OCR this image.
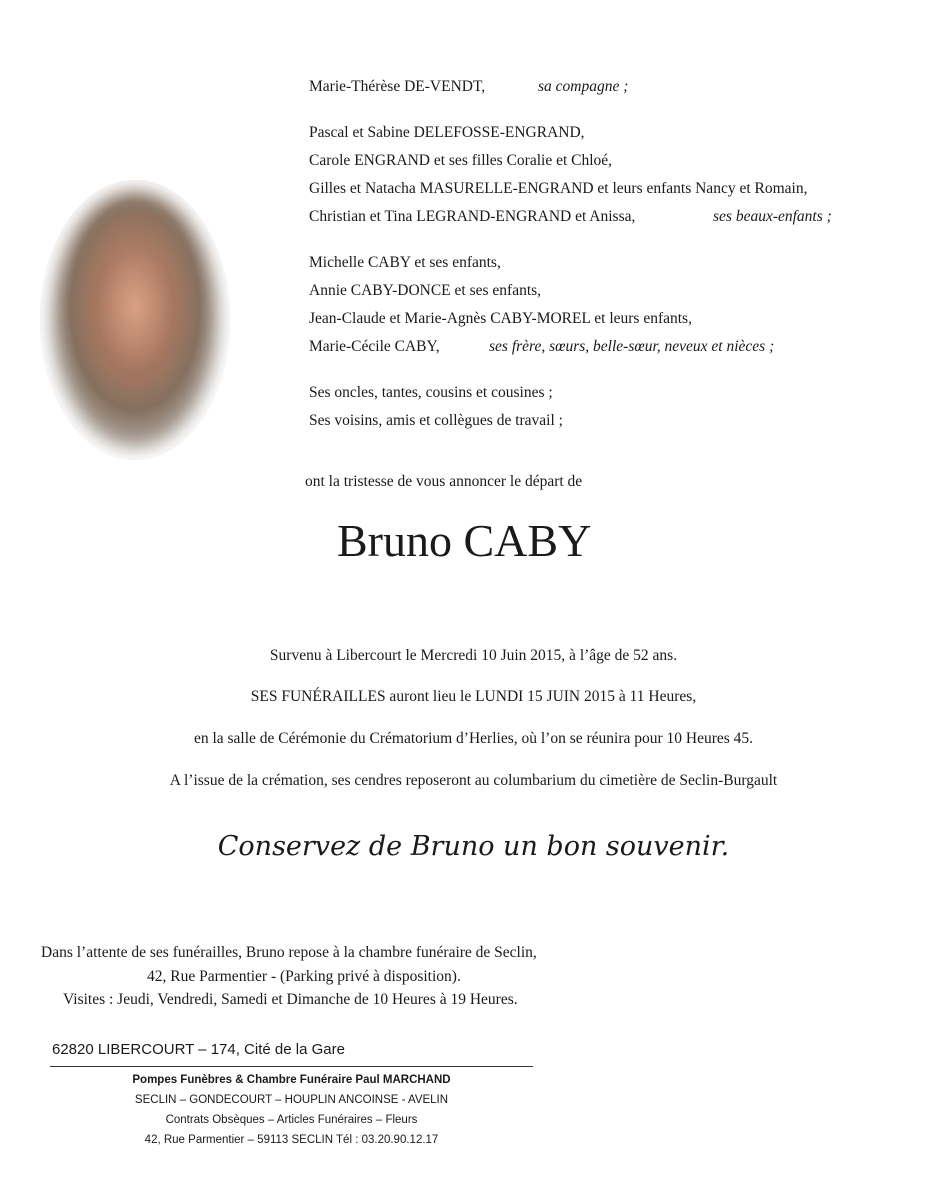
Marie-Thérèse DE-VENDT,	sa compagne ;
Pascal et Sabine DELEFOSSE-ENGRAND,
Carole ENGRAND et ses filles Coralie et Chloé,
Gilles et Natacha MASURELLE-ENGRAND et leurs enfants Nancy et Romain,
Christian et Tina LEGRAND-ENGRAND et Anissa,	ses beaux-enfants ;
Michelle CABY et ses enfants,
Annie CABY-DONCE et ses enfants,
Jean-Claude et Marie-Agnès CABY-MOREL et leurs enfants,
Marie-Cécile CABY,	ses frère, sœurs, belle-sœur, neveux et nièces ;
Ses oncles, tantes, cousins et cousines ;
Ses voisins, amis et collègues de travail ;
ont la tristesse de vous annoncer le départ de
Bruno CABY
Survenu à Libercourt le Mercredi 10 Juin 2015, à l’âge de 52 ans.
SES FUNÉRAILLES auront lieu le LUNDI 15 JUIN 2015 à 11 Heures,
en la salle de Cérémonie du Crématorium d’Herlies, où l’on se réunira pour 10 Heures 45.
A l’issue de la crémation, ses cendres reposeront au columbarium du cimetière de Seclin-Burgault
Conservez de Bruno un bon souvenir.
Dans l’attente de ses funérailles, Bruno repose à la chambre funéraire de Seclin,
42, Rue Parmentier - (Parking privé à disposition).
Visites : Jeudi, Vendredi, Samedi et Dimanche de 10 Heures à 19 Heures.
62820 LIBERCOURT – 174, Cité de la Gare
Pompes Funèbres & Chambre Funéraire Paul MARCHAND
SECLIN – GONDECOURT – HOUPLIN ANCOINSE - AVELIN
Contrats Obsèques – Articles Funéraires – Fleurs
42, Rue Parmentier – 59113 SECLIN Tél : 03.20.90.12.17
